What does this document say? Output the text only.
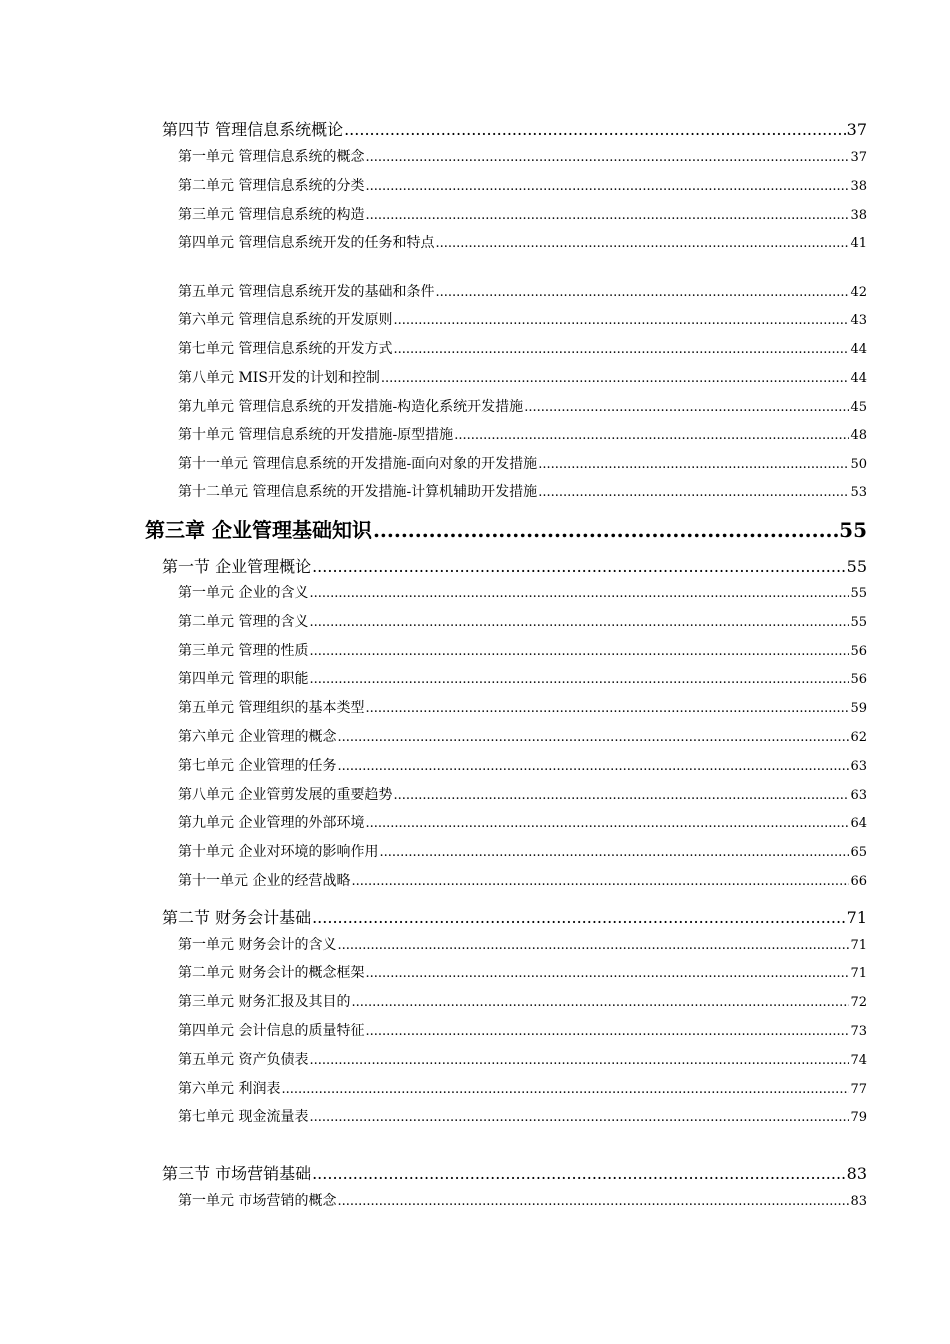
第四节 管理信息系统概论 .....	37
第一单元 管理信息系统的概念 .....	37
第二单元 管理信息系统的分类 .....	38
第三单元 管理信息系统的构造 .....	38
第四单元 管理信息系统开发的任务和特点 .....	41
第五单元 管理信息系统开发的基础和条件 .....	42
第六单元 管理信息系统的开发原则 .....	43
第七单元 管理信息系统的开发方式 .....	44
第八单元 MIS开发的计划和控制 .....	44
第九单元 管理信息系统的开发措施-构造化系统开发措施 .....	45
第十单元 管理信息系统的开发措施-原型措施 .....	48
第十一单元 管理信息系统的开发措施-面向对象的开发措施 .....	50
第十二单元 管理信息系统的开发措施-计算机辅助开发措施 .....	53
第三章 企业管理基础知识 .....	55
第一节 企业管理概论 .....	55
第一单元 企业的含义 .....	55
第二单元 管理的含义 .....	55
第三单元 管理的性质 .....	56
第四单元 管理的职能 .....	56
第五单元 管理组织的基本类型 .....	59
第六单元 企业管理的概念 .....	62
第七单元 企业管理的任务 .....	63
第八单元 企业管剪发展的重要趋势 .....	63
第九单元 企业管理的外部环境 .....	64
第十单元 企业对环境的影响作用 .....	65
第十一单元 企业的经营战略 .....	66
第二节 财务会计基础 .....	71
第一单元 财务会计的含义 .....	71
第二单元 财务会计的概念框架 .....	71
第三单元 财务汇报及其目的 .....	72
第四单元 会计信息的质量特征 .....	73
第五单元 资产负债表 .....	74
第六单元 利润表 .....	77
第七单元 现金流量表 .....	79
第三节 市场营销基础 .....	83
第一单元 市场营销的概念 .....	83
